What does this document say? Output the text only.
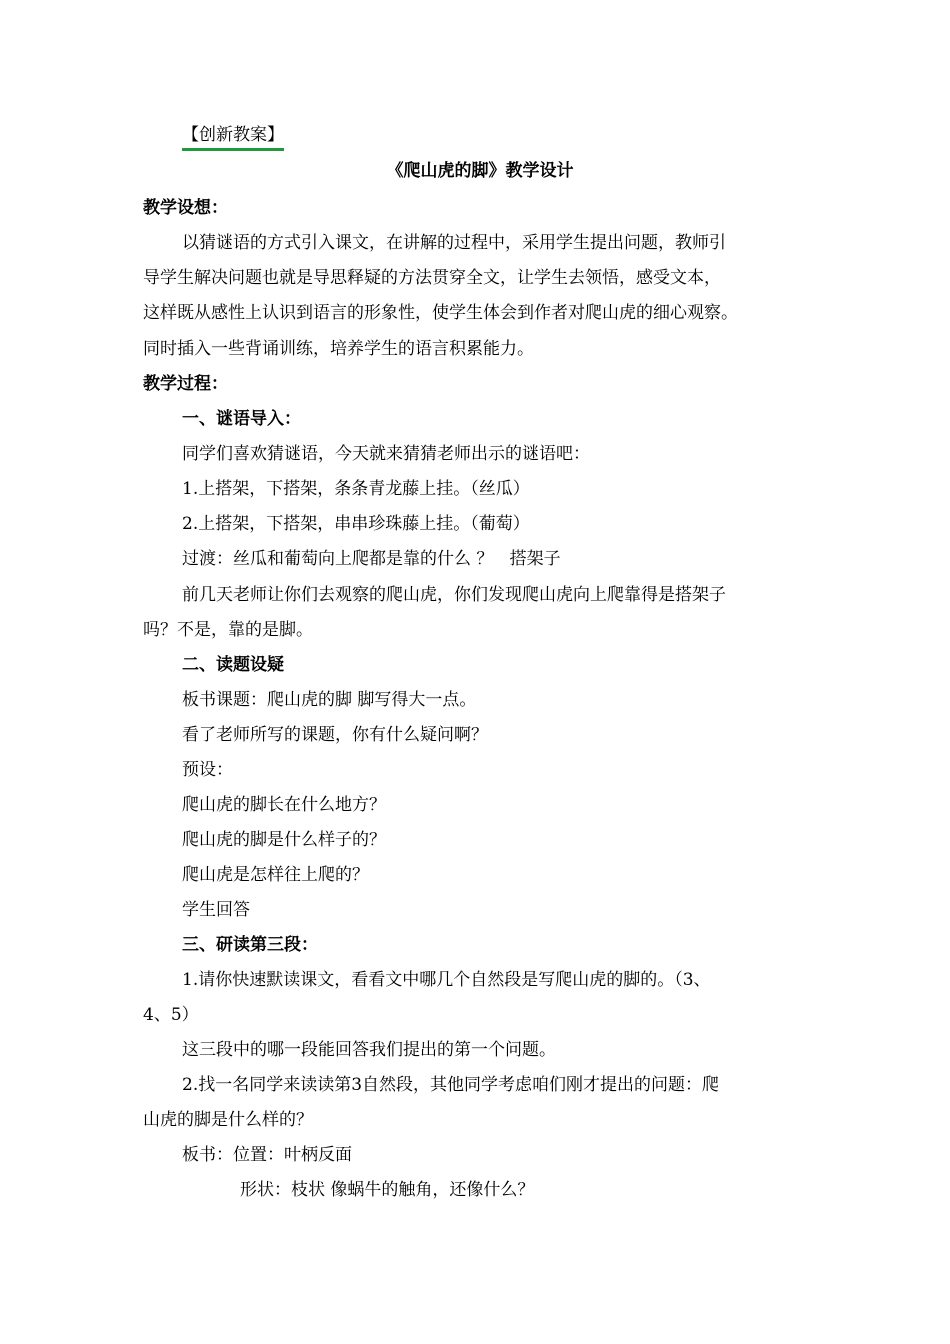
【创新教案】
《爬山虎的脚》教学设计
教学设想：
以猜谜语的方式引入课文，在讲解的过程中，采用学生提出问题，教师引
导学生解决问题也就是导思释疑的方法贯穿全文，让学生去领悟，感受文本，
这样既从感性上认识到语言的形象性，使学生体会到作者对爬山虎的细心观察。
同时插入一些背诵训练，培养学生的语言积累能力。
教学过程：
一、谜语导入：
同学们喜欢猜谜语，今天就来猜猜老师出示的谜语吧：
1.上搭架，下搭架，条条青龙藤上挂。（丝瓜）
2.上搭架，下搭架，串串珍珠藤上挂。（葡萄）
过渡：丝瓜和葡萄向上爬都是靠的什么 ？   搭架子
前几天老师让你们去观察的爬山虎，你们发现爬山虎向上爬靠得是搭架子
吗？不是，靠的是脚。
二、读题设疑
板书课题：爬山虎的脚 脚写得大一点。
看了老师所写的课题，你有什么疑问啊？
预设：
爬山虎的脚长在什么地方？
爬山虎的脚是什么样子的？
爬山虎是怎样往上爬的？
学生回答
三、研读第三段：
1.请你快速默读课文，看看文中哪几个自然段是写爬山虎的脚的。（3、
4、5）
这三段中的哪一段能回答我们提出的第一个问题。
2.找一名同学来读读第3自然段，其他同学考虑咱们刚才提出的问题：爬
山虎的脚是什么样的？
板书：位置：叶柄反面
形状：枝状 像蜗牛的触角，还像什么？
